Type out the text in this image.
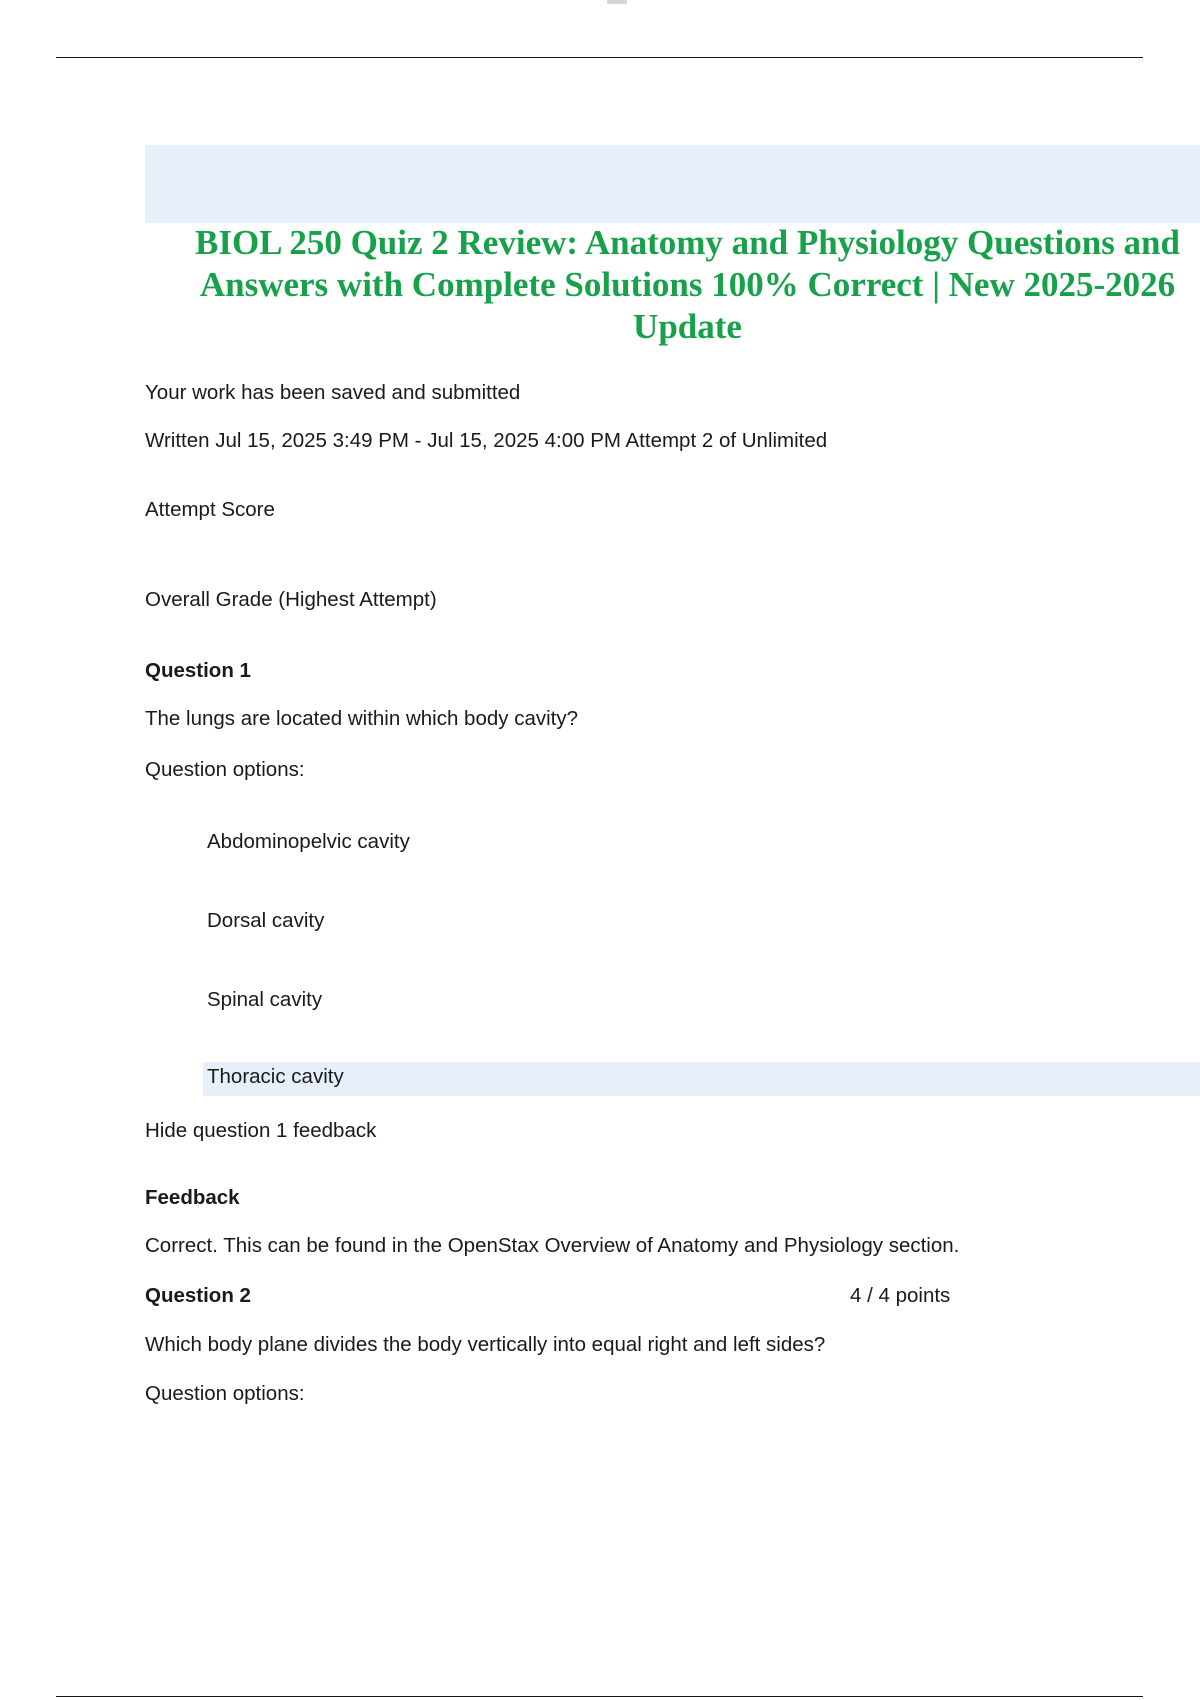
BIOL 250 Quiz 2 Review: Anatomy and Physiology Questions and Answers with Complete Solutions 100% Correct | New 2025-2026 Update

Your work has been saved and submitted

Written Jul 15, 2025 3:49 PM - Jul 15, 2025 4:00 PM Attempt 2 of Unlimited

Attempt Score

Overall Grade (Highest Attempt)

Question 1

The lungs are located within which body cavity?

Question options:

Abdominopelvic cavity
Dorsal cavity
Spinal cavity
Thoracic cavity

Hide question 1 feedback

Feedback

Correct. This can be found in the OpenStax Overview of Anatomy and Physiology section.

Question 2	4 / 4 points

Which body plane divides the body vertically into equal right and left sides?

Question options:
